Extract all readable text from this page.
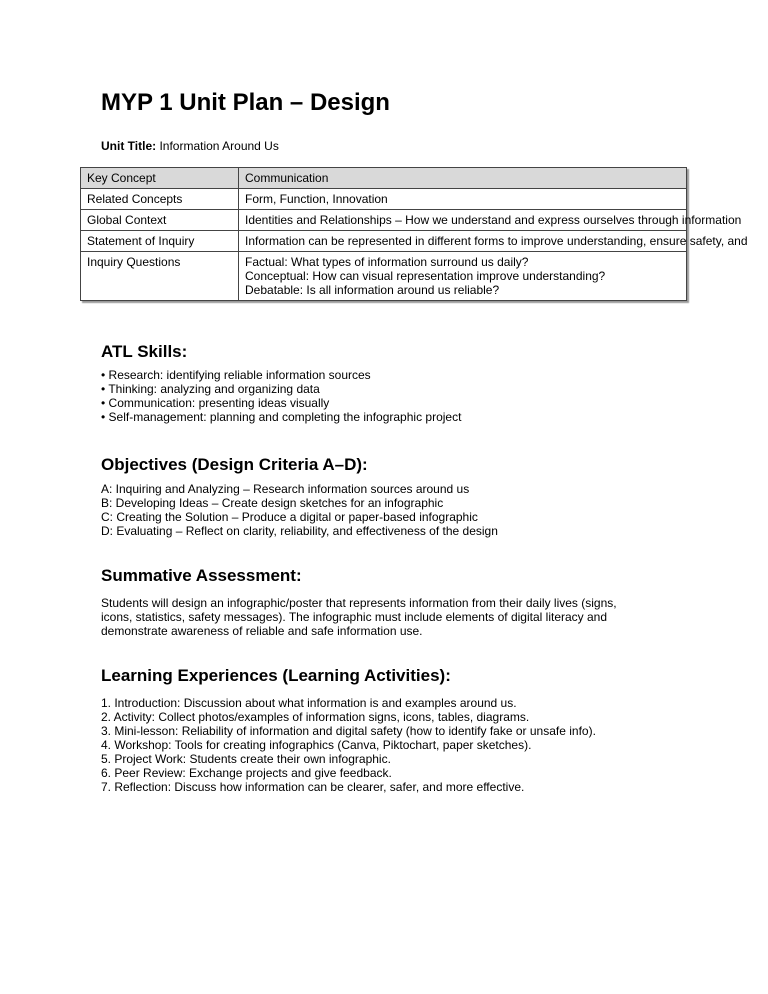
MYP 1 Unit Plan – Design
Unit Title: Information Around Us
Key Concept	Communication

Related Concepts	Form, Function, Innovation

Global Context	Identities and Relationships – How we understand and express ourselves through information

Statement of Inquiry	Information can be represented in different forms to improve understanding, ensure safety, and

Inquiry Questions	Factual: What types of information surround us daily?
Conceptual: How can visual representation improve understanding?
Debatable: Is all information around us reliable?
ATL Skills:
• Research: identifying reliable information sources
• Thinking: analyzing and organizing data
• Communication: presenting ideas visually
• Self-management: planning and completing the infographic project
Objectives (Design Criteria A–D):
A: Inquiring and Analyzing – Research information sources around us
B: Developing Ideas – Create design sketches for an infographic
C: Creating the Solution – Produce a digital or paper-based infographic
D: Evaluating – Reflect on clarity, reliability, and effectiveness of the design
Summative Assessment:
Students will design an infographic/poster that represents information from their daily lives (signs,
icons, statistics, safety messages). The infographic must include elements of digital literacy and
demonstrate awareness of reliable and safe information use.
Learning Experiences (Learning Activities):
1. Introduction: Discussion about what information is and examples around us.
2. Activity: Collect photos/examples of information signs, icons, tables, diagrams.
3. Mini-lesson: Reliability of information and digital safety (how to identify fake or unsafe info).
4. Workshop: Tools for creating infographics (Canva, Piktochart, paper sketches).
5. Project Work: Students create their own infographic.
6. Peer Review: Exchange projects and give feedback.
7. Reflection: Discuss how information can be clearer, safer, and more effective.
